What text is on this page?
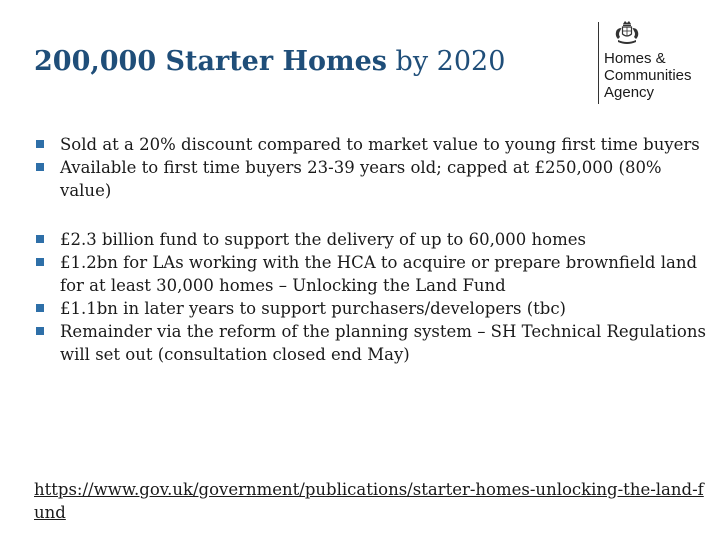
200,000 Starter Homes by 2020	Homes &
Communities
Agency
Sold at a 20% discount compared to market value to young first time buyers
Available to first time buyers 23-39 years old; capped at £250,000 (80% value)
£2.3 billion fund to support the delivery of up to 60,000 homes
£1.2bn for LAs working with the HCA to acquire or prepare brownfield land for at least 30,000 homes – Unlocking the Land Fund
£1.1bn in later years to support purchasers/developers (tbc)
Remainder via the reform of the planning system – SH Technical Regulations will set out (consultation closed end May)
https://www.gov.uk/government/publications/starter-homes-unlocking-the-land-fund
